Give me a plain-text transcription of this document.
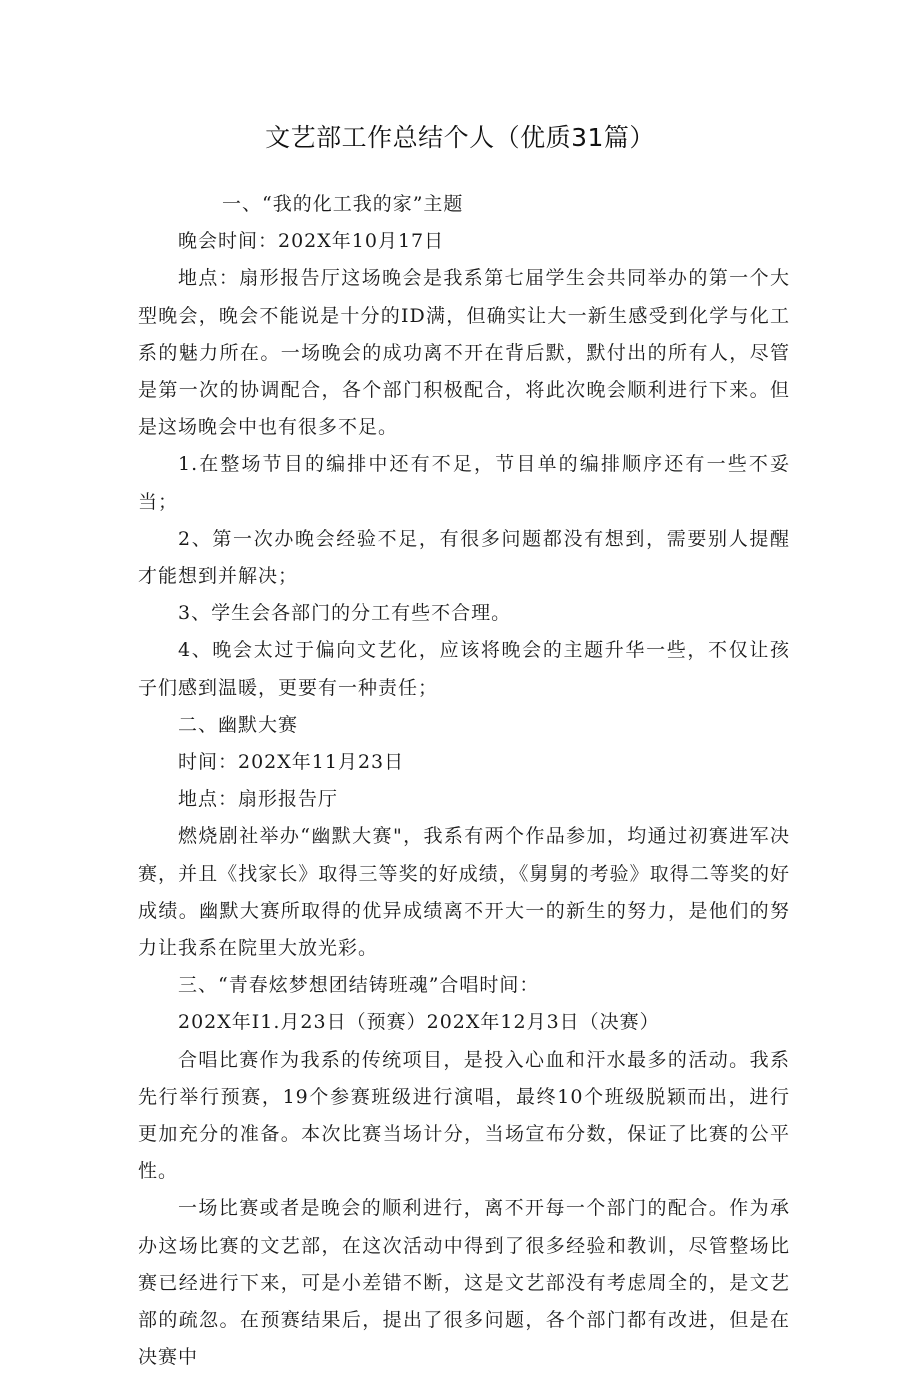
文艺部工作总结个人（优质31篇）

一、“我的化工我的家”主题

晚会时间：202X年10月17日

地点：扇形报告厅这场晚会是我系第七届学生会共同举办的第一个大型晚会，晚会不能说是十分的ID满，但确实让大一新生感受到化学与化工系的魅力所在。一场晚会的成功离不开在背后默，默付出的所有人，尽管是第一次的协调配合，各个部门积极配合，将此次晚会顺利进行下来。但是这场晚会中也有很多不足。

1.在整场节目的编排中还有不足，节目单的编排顺序还有一些不妥当；

2、第一次办晚会经验不足，有很多问题都没有想到，需要别人提醒才能想到并解决；

3、学生会各部门的分工有些不合理。

4、晚会太过于偏向文艺化，应该将晚会的主题升华一些，不仅让孩子们感到温暖，更要有一种责任；

二、幽默大赛

时间：202X年11月23日

地点：扇形报告厅

燃烧剧社举办“幽默大赛"，我系有两个作品参加，均通过初赛进军决赛，并且《找家长》取得三等奖的好成绩，《舅舅的考验》取得二等奖的好成绩。幽默大赛所取得的优异成绩离不开大一的新生的努力，是他们的努力让我系在院里大放光彩。

三、“青春炫梦想团结铸班魂”合唱时间：

202X年I1.月23日（预赛）202X年12月3日（决赛）

合唱比赛作为我系的传统项目，是投入心血和汗水最多的活动。我系先行举行预赛，19个参赛班级进行演唱，最终10个班级脱颖而出，进行更加充分的准备。本次比赛当场计分，当场宣布分数，保证了比赛的公平性。

一场比赛或者是晚会的顺利进行，离不开每一个部门的配合。作为承办这场比赛的文艺部，在这次活动中得到了很多经验和教训，尽管整场比赛已经进行下来，可是小差错不断，这是文艺部没有考虑周全的，是文艺部的疏忽。在预赛结果后，提出了很多问题，各个部门都有改进，但是在决赛中
